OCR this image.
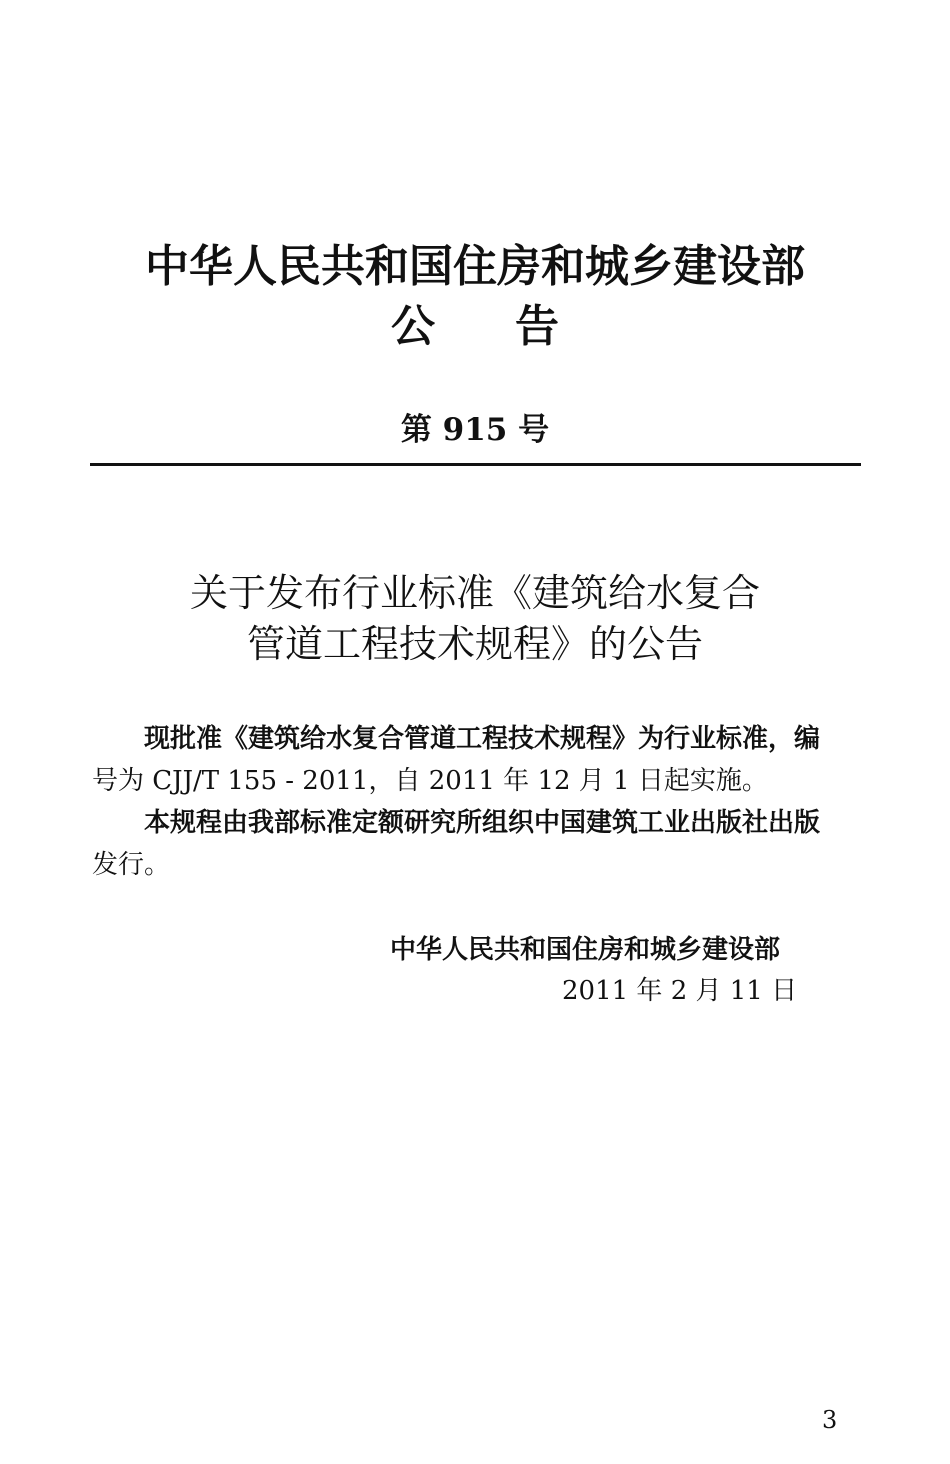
中华人民共和国住房和城乡建设部
公告
第 915 号
关于发布行业标准《建筑给水复合
管道工程技术规程》的公告
现批准《建筑给水复合管道工程技术规程》为行业标准，编
号为 CJJ/T 155 - 2011，自 2011 年 12 月 1 日起实施。
本规程由我部标准定额研究所组织中国建筑工业出版社出版
发行。
中华人民共和国住房和城乡建设部
2011 年 2 月 11 日
3
